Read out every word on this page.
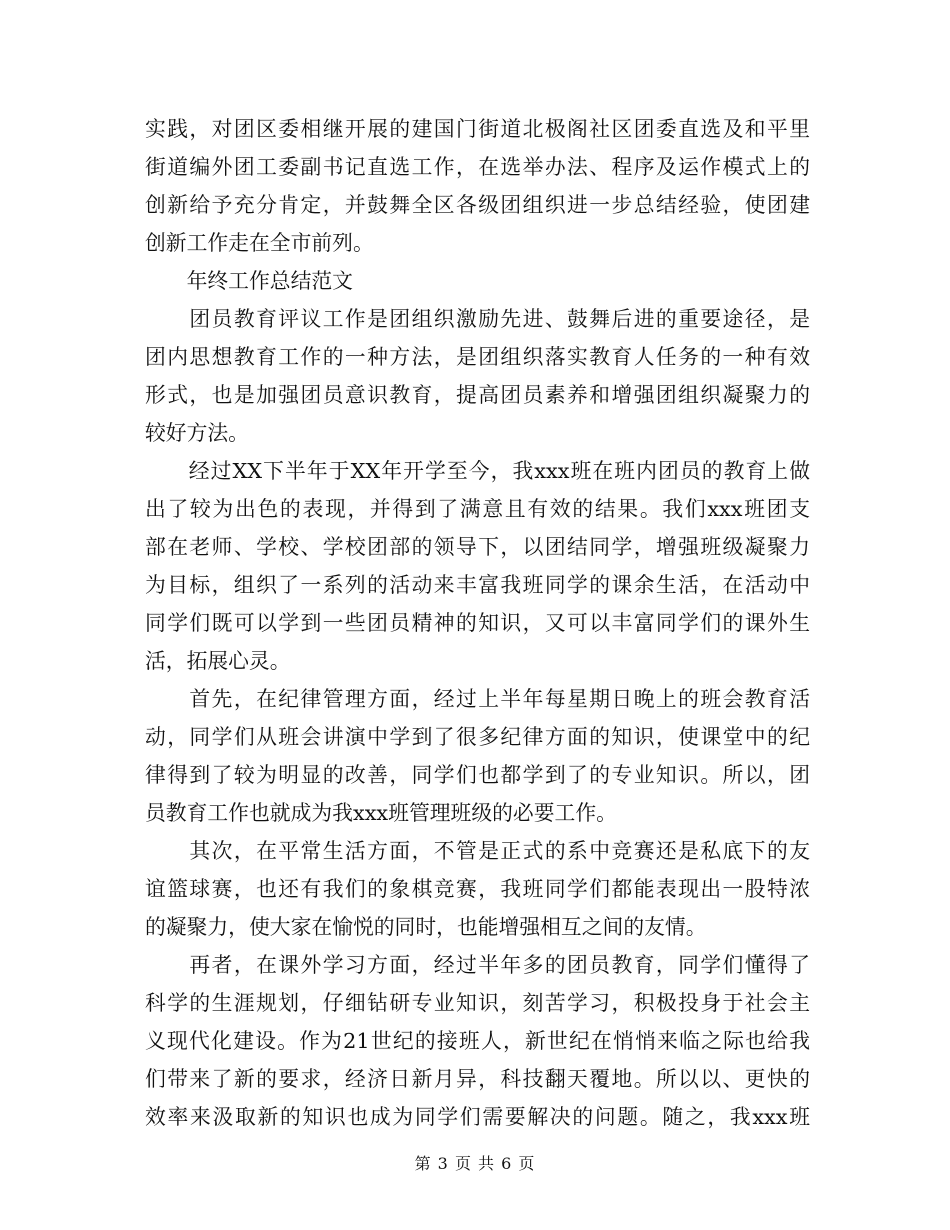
实践，对团区委相继开展的建国门街道北极阁社区团委直选及和平里
街道编外团工委副书记直选工作，在选举办法、程序及运作模式上的
创新给予充分肯定，并鼓舞全区各级团组织进一步总结经验，使团建
创新工作走在全市前列。
　　年终工作总结范文
　　团员教育评议工作是团组织激励先进、鼓舞后进的重要途径，是
团内思想教育工作的一种方法，是团组织落实教育人任务的一种有效
形式，也是加强团员意识教育，提高团员素养和增强团组织凝聚力的
较好方法。
　　经过XX下半年于XX年开学至今，我xxx班在班内团员的教育上做
出了较为出色的表现，并得到了满意且有效的结果。我们xxx班团支
部在老师、学校、学校团部的领导下，以团结同学，增强班级凝聚力
为目标，组织了一系列的活动来丰富我班同学的课余生活，在活动中
同学们既可以学到一些团员精神的知识，又可以丰富同学们的课外生
活，拓展心灵。
　　首先，在纪律管理方面，经过上半年每星期日晚上的班会教育活
动，同学们从班会讲演中学到了很多纪律方面的知识，使课堂中的纪
律得到了较为明显的改善，同学们也都学到了的专业知识。所以，团
员教育工作也就成为我xxx班管理班级的必要工作。
　　其次，在平常生活方面，不管是正式的系中竞赛还是私底下的友
谊篮球赛，也还有我们的象棋竞赛，我班同学们都能表现出一股特浓
的凝聚力，使大家在愉悦的同时，也能增强相互之间的友情。
　　再者，在课外学习方面，经过半年多的团员教育，同学们懂得了
科学的生涯规划，仔细钻研专业知识，刻苦学习，积极投身于社会主
义现代化建设。作为21世纪的接班人，新世纪在悄悄来临之际也给我
们带来了新的要求，经济日新月异，科技翻天覆地。所以以、更快的
效率来汲取新的知识也成为同学们需要解决的问题。随之，我xxx班
第 3 页 共 6 页
